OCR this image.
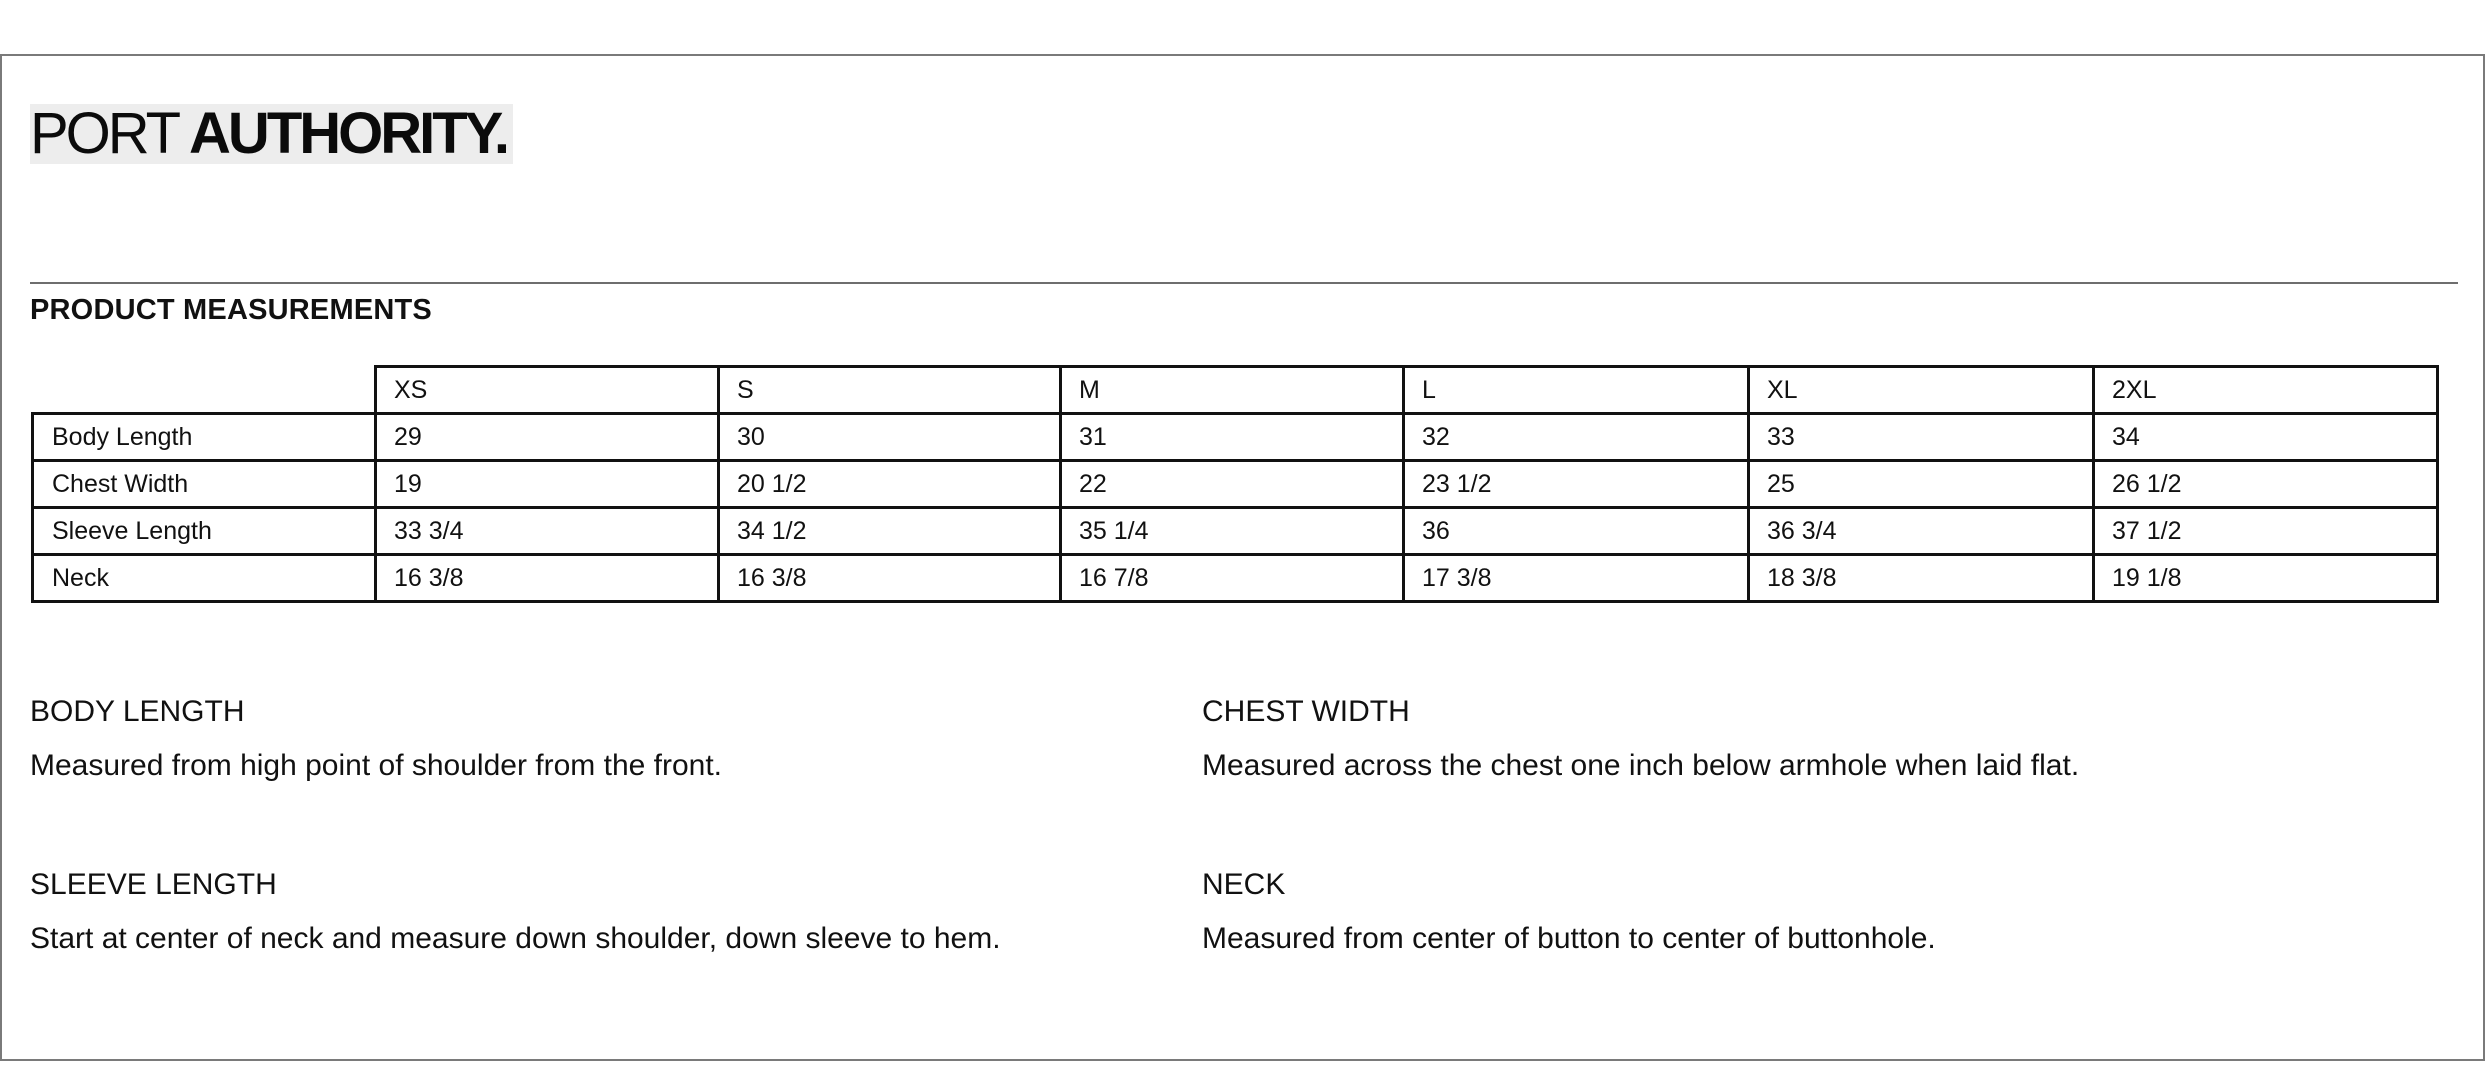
PORT AUTHORITY.
PRODUCT MEASUREMENTS
	XS	S	M	L	XL	2XL
Body Length	29	30	31	32	33	34
Chest Width	19	20 1/2	22	23 1/2	25	26 1/2
Sleeve Length	33 3/4	34 1/2	35 1/4	36	36 3/4	37 1/2
Neck	16 3/8	16 3/8	16 7/8	17 3/8	18 3/8	19 1/8
BODY LENGTH
Measured from high point of shoulder from the front.
CHEST WIDTH
Measured across the chest one inch below armhole when laid flat.
SLEEVE LENGTH
Start at center of neck and measure down shoulder, down sleeve to hem.
NECK
Measured from center of button to center of buttonhole.
